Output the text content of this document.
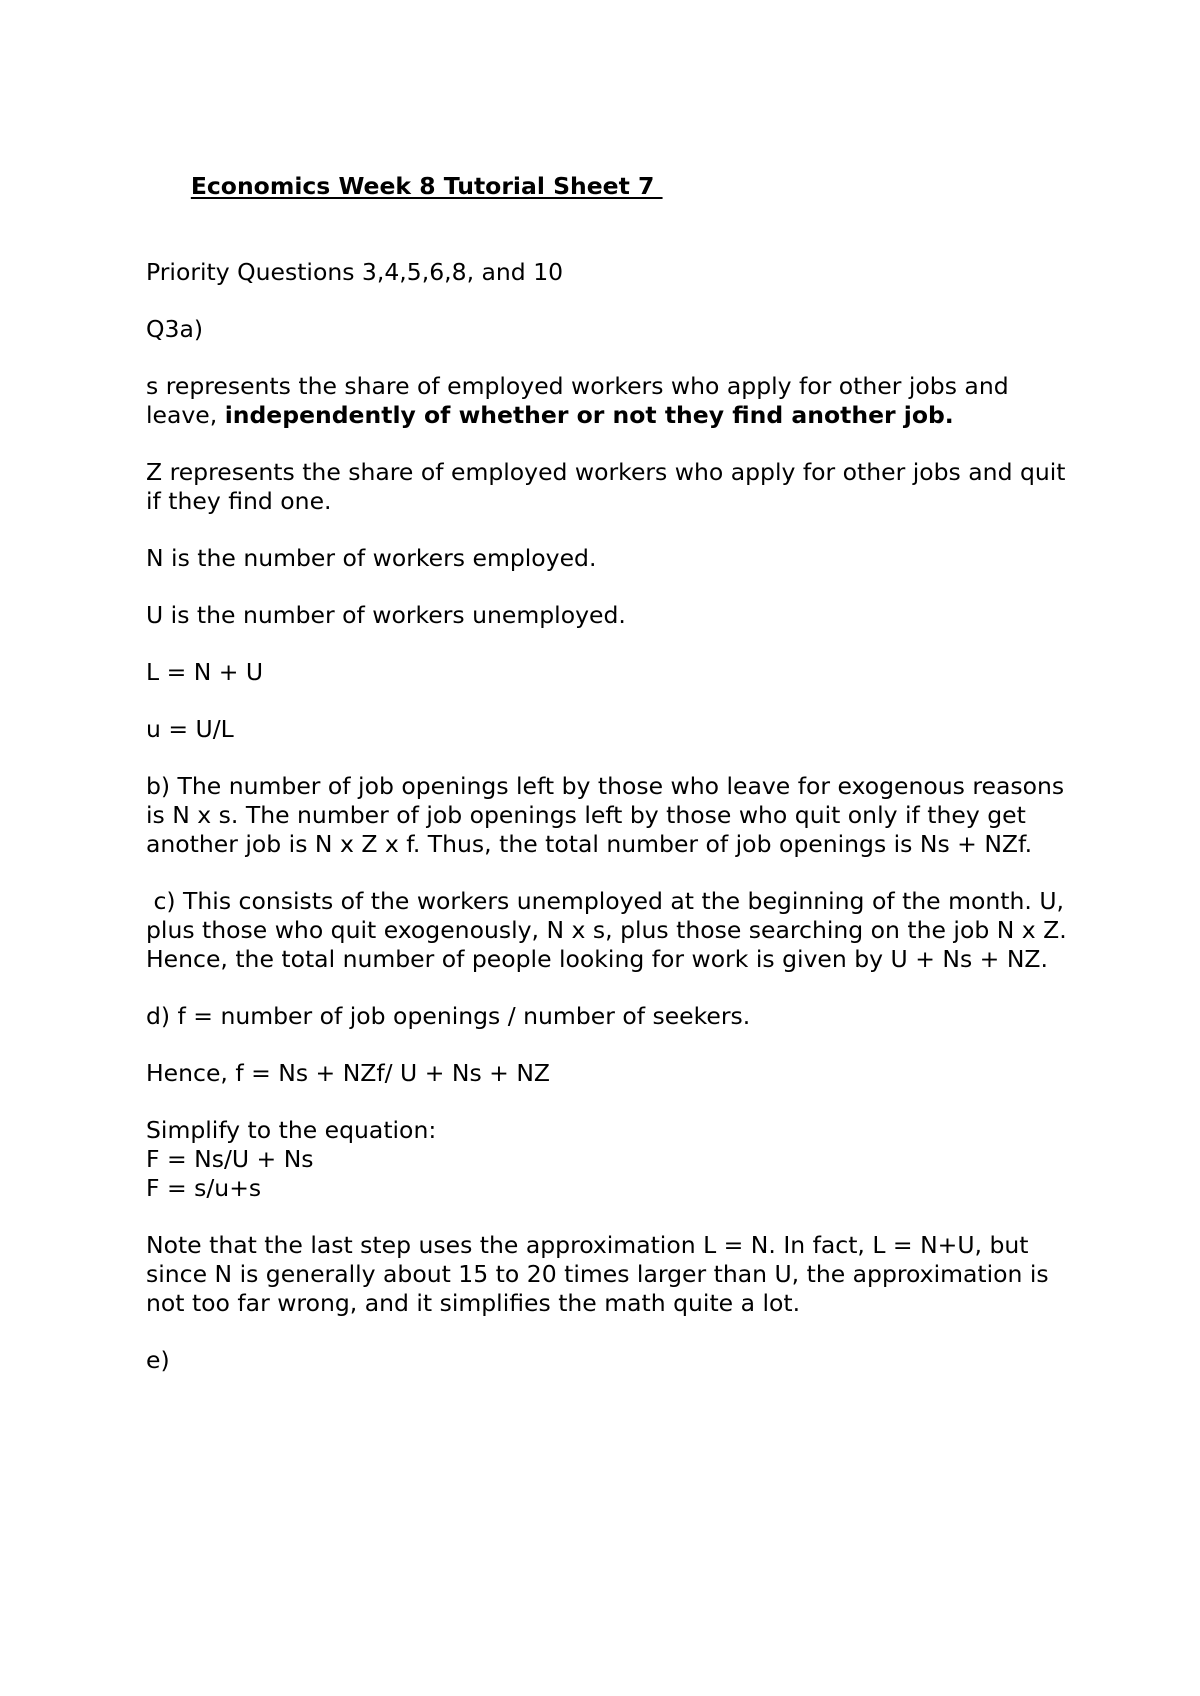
Economics Week 8 Tutorial Sheet 7

Priority Questions 3,4,5,6,8, and 10

Q3a)

s represents the share of employed workers who apply for other jobs and leave, independently of whether or not they find another job.

Z represents the share of employed workers who apply for other jobs and quit if they find one.

N is the number of workers employed.

U is the number of workers unemployed.

L = N + U

u = U/L

b) The number of job openings left by those who leave for exogenous reasons is N x s. The number of job openings left by those who quit only if they get another job is N x Z x f. Thus, the total number of job openings is Ns + NZf.

c) This consists of the workers unemployed at the beginning of the month. U, plus those who quit exogenously, N x s, plus those searching on the job N x Z. Hence, the total number of people looking for work is given by U + Ns + NZ.

d) f = number of job openings / number of seekers.

Hence, f = Ns + NZf/ U + Ns + NZ

Simplify to the equation:

F = Ns/U + Ns

F = s/u+s

Note that the last step uses the approximation L = N. In fact, L = N+U, but since N is generally about 15 to 20 times larger than U, the approximation is not too far wrong, and it simplifies the math quite a lot.

e)
